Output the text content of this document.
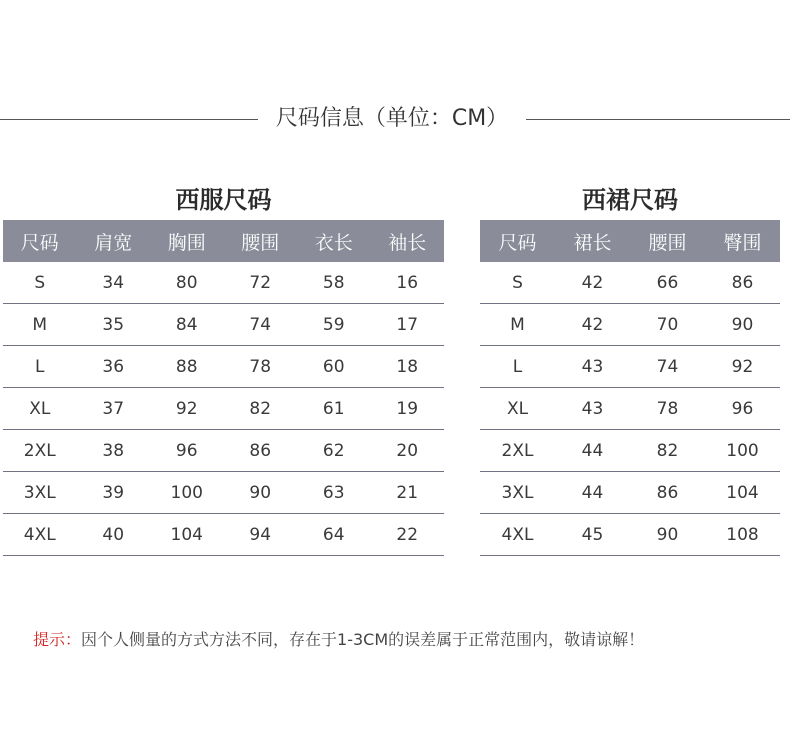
尺码信息（单位：CM）
西服尺码
尺码	肩宽	胸围	腰围	衣长	袖长
S	34	80	72	58	16
M	35	84	74	59	17
L	36	88	78	60	18
XL	37	92	82	61	19
2XL	38	96	86	62	20
3XL	39	100	90	63	21
4XL	40	104	94	64	22
西裙尺码
尺码	裙长	腰围	臀围
S	42	66	86
M	42	70	90
L	43	74	92
XL	43	78	96
2XL	44	82	100
3XL	44	86	104
4XL	45	90	108
提示：因个人侧量的方式方法不同，存在于1-3CM的误差属于正常范围内，敬请谅解！
